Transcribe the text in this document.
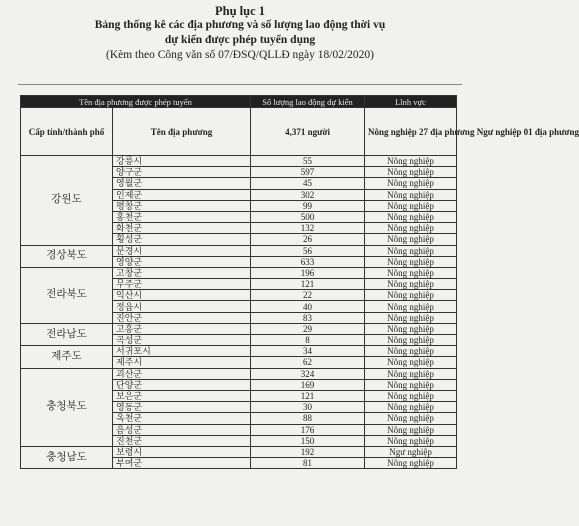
Phụ lục 1
Bảng thống kê các địa phương và số lượng lao động thời vụ
dự kiến được phép tuyển dụng
(Kèm theo Công văn số 07/ĐSQ/QLLĐ ngày 18/02/2020)
Tên địa phương được phép tuyển		Số lượng lao động dự kiến	Lĩnh vực
Cấp tỉnh/thành phố	Tên địa phương	4,371 người	Nông nghiệp 27 địa phương Ngư nghiệp 01 địa phương
강원도	강릉시	55	Nông nghiệp
	양구군	597	Nông nghiệp
	영월군	45	Nông nghiệp
	인제군	302	Nông nghiệp
	평창군	99	Nông nghiệp
	홍천군	500	Nông nghiệp
	화천군	132	Nông nghiệp
	횡성군	26	Nông nghiệp
경상북도	문경시	56	Nông nghiệp
	영양군	633	Nông nghiệp
전라북도	고창군	196	Nông nghiệp
	무주군	121	Nông nghiệp
	익산시	22	Nông nghiệp
	정읍시	40	Nông nghiệp
	진안군	83	Nông nghiệp
전라남도	고흥군	29	Nông nghiệp
	곡성군	8	Nông nghiệp
제주도	서귀포시	34	Nông nghiệp
	제주시	62	Nông nghiệp
충청북도	괴산군	324	Nông nghiệp
	단양군	169	Nông nghiệp
	보은군	121	Nông nghiệp
	영동군	30	Nông nghiệp
	옥천군	88	Nông nghiệp
	음성군	176	Nông nghiệp
	진천군	150	Nông nghiệp
충청남도	보령시	192	Ngư nghiệp
	부여군	81	Nông nghiệp
